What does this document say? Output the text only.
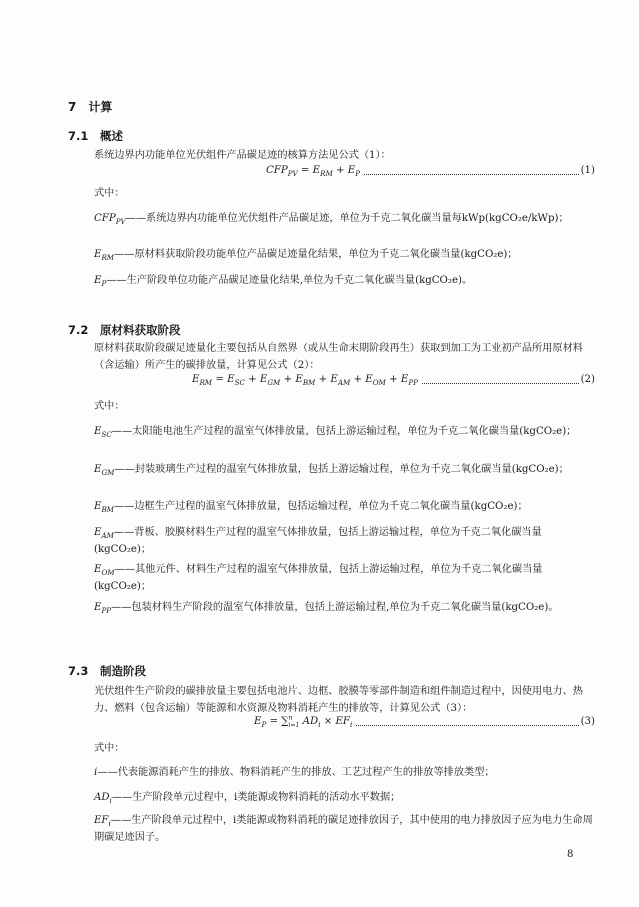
7 计算
7.1 概述
系统边界内功能单位光伏组件产品碳足迹的核算方法见公式（1）：
$CFP_{PV} = E_{RM} + E_P$	(1)
式中：
$CFP_{PV}——$系统边界内功能单位光伏组件产品碳足迹，单位为千克二氧化碳当量每kWp(kgCO₂e/kWp)；
$E_{RM}——$原材料获取阶段功能单位产品碳足迹量化结果，单位为千克二氧化碳当量(kgCO₂e)；
$E_P——$生产阶段单位功能产品碳足迹量化结果,单位为千克二氧化碳当量(kgCO₂e)。
7.2 原材料获取阶段
原材料获取阶段碳足迹量化主要包括从自然界（或从生命末期阶段再生）获取到加工为工业初产品所用原材料（含运输）所产生的碳排放量，计算见公式（2）：
$E_{RM} = E_{SC} + E_{GM} + E_{BM} + E_{AM} + E_{OM} + E_{PP}$	(2)
式中：
$E_{SC}——$太阳能电池生产过程的温室气体排放量，包括上游运输过程，单位为千克二氧化碳当量(kgCO₂e)；
$E_{GM}——$封装玻璃生产过程的温室气体排放量，包括上游运输过程，单位为千克二氧化碳当量(kgCO₂e)；
$E_{BM}——$边框生产过程的温室气体排放量，包括运输过程，单位为千克二氧化碳当量(kgCO₂e)；
$E_{AM}——$背板、胶膜材料生产过程的温室气体排放量，包括上游运输过程，单位为千克二氧化碳当量(kgCO₂e)；
$E_{OM}——$其他元件、材料生产过程的温室气体排放量，包括上游运输过程，单位为千克二氧化碳当量(kgCO₂e)；
$E_{PP}——$包装材料生产阶段的温室气体排放量，包括上游运输过程,单位为千克二氧化碳当量(kgCO₂e)。
7.3 制造阶段
光伏组件生产阶段的碳排放量主要包括电池片、边框、胶膜等零部件制造和组件制造过程中，因使用电力、热力、燃料（包含运输）等能源和水资源及物料消耗产生的排放等，计算见公式（3）：
$E_P = \sum^n_{i=1}$ $AD_i \times EF_i$	(3)
式中：
i——代表能源消耗产生的排放、物料消耗产生的排放、工艺过程产生的排放等排放类型；
$AD_i——$生产阶段单元过程中，i类能源或物料消耗的活动水平数据；
$EF_i——$生产阶段单元过程中，i类能源或物料消耗的碳足迹排放因子，其中使用的电力排放因子应为电力生命周期碳足迹因子。
8
